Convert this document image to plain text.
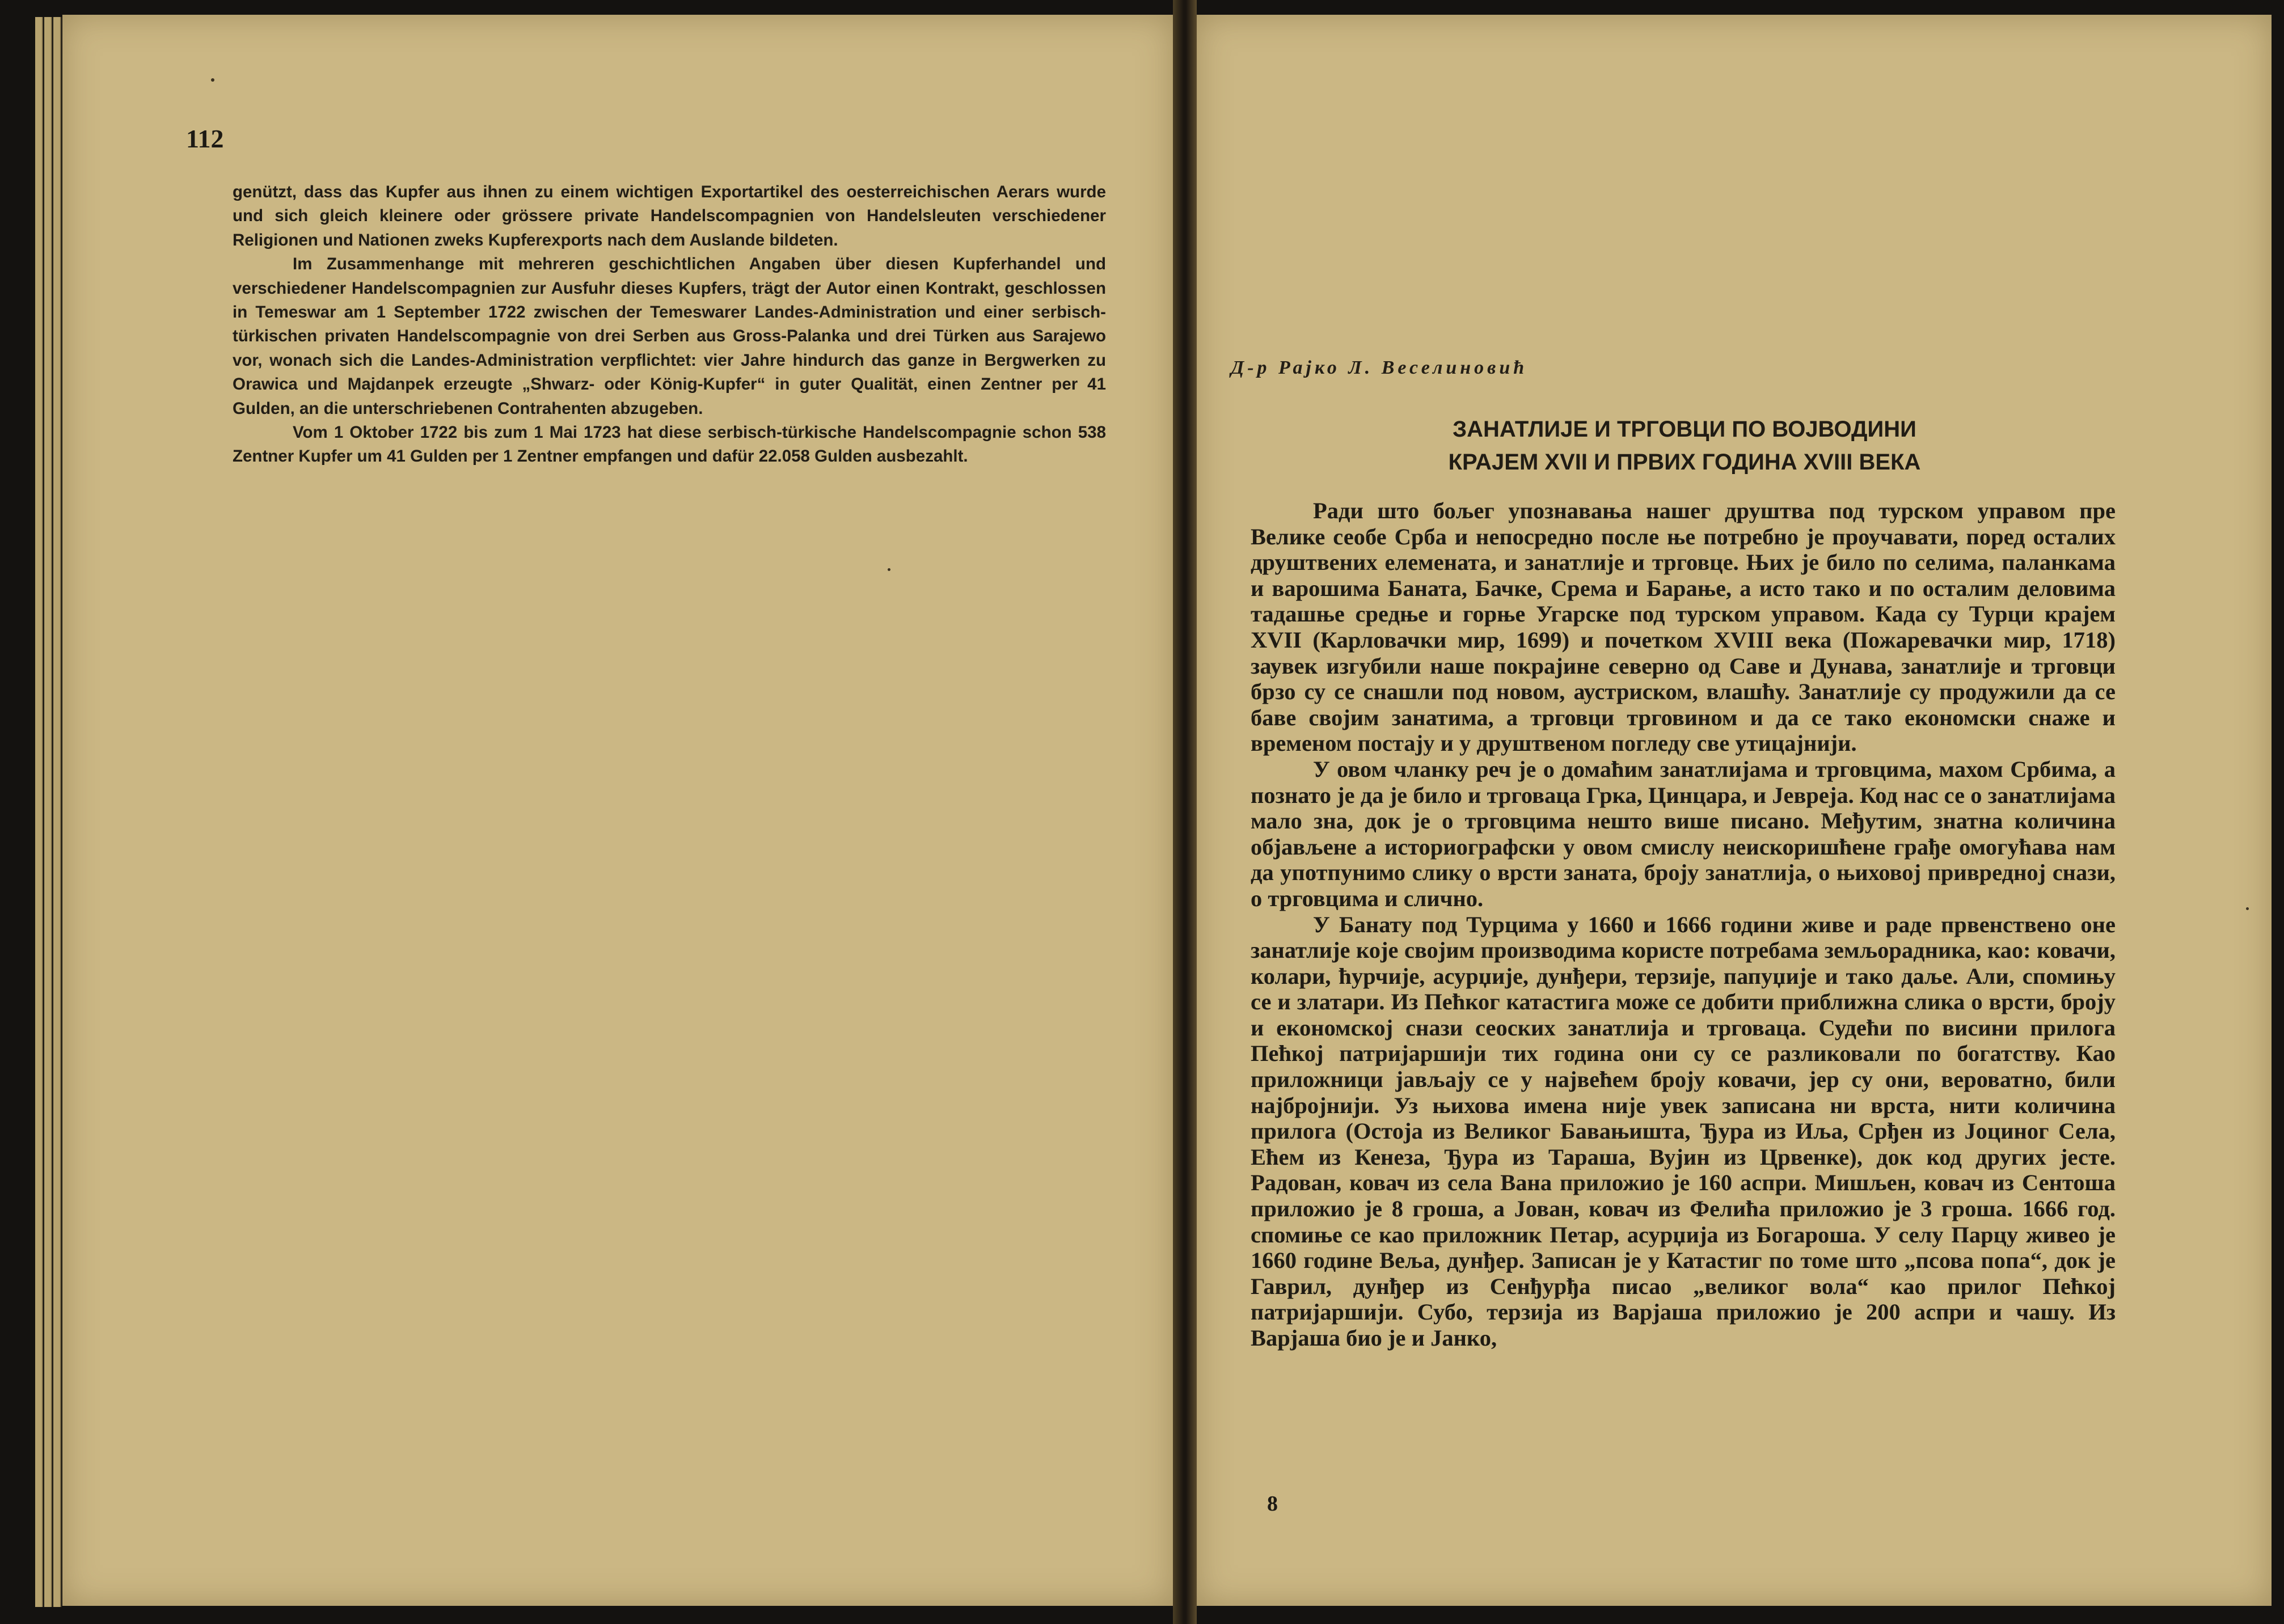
112

genützt, dass das Kupfer aus ihnen zu einem wichtigen Exportartikel des oesterreichischen Aerars wurde und sich gleich kleinere oder grössere private Handelscompagnien von Handelsleuten verschiedener Religionen und Nationen zweks Kupferexports nach dem Auslande bildeten.

Im Zusammenhange mit mehreren geschichtlichen Angaben über diesen Kupferhandel und verschiedener Handelscompagnien zur Ausfuhr dieses Kupfers, trägt der Autor einen Kontrakt, geschlossen in Temeswar am 1 September 1722 zwischen der Temeswarer Landes-Administration und einer serbisch-türkischen privaten Handelscompagnie von drei Serben aus Gross-Palanka und drei Türken aus Sarajewo vor, wonach sich die Landes-Administration verpflichtet: vier Jahre hindurch das ganze in Bergwerken zu Orawica und Majdanpek erzeugte „Shwarz- oder König-Kupfer“ in guter Qualität, einen Zentner per 41 Gulden, an die unterschriebenen Contrahenten abzugeben.

Vom 1 Oktober 1722 bis zum 1 Mai 1723 hat diese serbisch-türkische Handelscompagnie schon 538 Zentner Kupfer um 41 Gulden per 1 Zentner empfangen und dafür 22.058 Gulden ausbezahlt.

Д-р Рајко Л. Веселиновић
ЗАНАТЛИЈЕ И ТРГОВЦИ ПО ВОЈВОДИНИ
КРАЈЕМ XVII И ПРВИХ ГОДИНА XVIII ВЕКА

Ради што бољег упознавања нашег друштва под турском управом пре Велике сеобе Срба и непосредно после ње потребно је проучавати, поред осталих друштвених елемената, и занатлије и трговце. Њих је било по селима, паланкама и варошима Баната, Бачке, Срема и Барање, а исто тако и по осталим деловима тадашње средње и горње Угарске под турском управом. Када су Турци крајем XVII (Карловачки мир, 1699) и почетком XVIII века (Пожаревачки мир, 1718) заувек изгубили наше покрајине северно од Саве и Дунава, занатлије и трговци брзо су се снашли под новом, аустриском, влашћу. Занатлије су продужили да се баве својим занатима, а трговци трговином и да се тако економски снаже и временом постају и у друштвеном погледу све утицајнији.

У овом чланку реч је о домаћим занатлијама и трговцима, махом Србима, а познато је да је било и трговаца Грка, Цинцара, и Јевреја. Код нас се о занатлијама мало зна, док је о трговцима нешто више писано. Међутим, знатна количина објављене а историографски у овом смислу неискоришћене грађе омогућава нам да употпунимо слику о врсти заната, броју занатлија, о њиховој привредној снази, о трговцима и слично.

У Банату под Турцима у 1660 и 1666 години живе и раде првенствено оне занатлије које својим производима користе потребама земљорадника, као: ковачи, колари, ћурчије, асурџије, дунђери, терзије, папуџије и тако даље. Али, спомињу се и златари. Из Пећког катастига може се добити приближна слика о врсти, броју и економској снази сеоских занатлија и трговаца. Судећи по висини прилога Пећкој патријаршији тих година они су се разликовали по богатству. Као приложници јављају се у највећем броју ковачи, јер су они, вероватно, били најбројнији. Уз њихова имена није увек записана ни врста, нити количина прилога (Остоја из Великог Бавањишта, Ђура из Иља, Срђен из Јоциног Села, Ећем из Кенеза, Ђура из Тараша, Вујин из Црвенке), док код других јесте. Радован, ковач из села Вана приложио је 160 аспри. Мишљен, ковач из Сентоша приложио је 8 гроша, а Јован, ковач из Фелића приложио је 3 гроша. 1666 год. спомиње се као приложник Петар, асурџија из Богароша. У селу Парцу живео је 1660 године Веља, дунђер. Записан је у Катастиг по томе што „псова попа“, док је Гаврил, дунђер из Сенђурђа писао „великог вола“ као прилог Пећкој патријаршији. Субо, терзија из Варјаша приложио је 200 аспри и чашу. Из Варјаша био је и Јанко,

8
